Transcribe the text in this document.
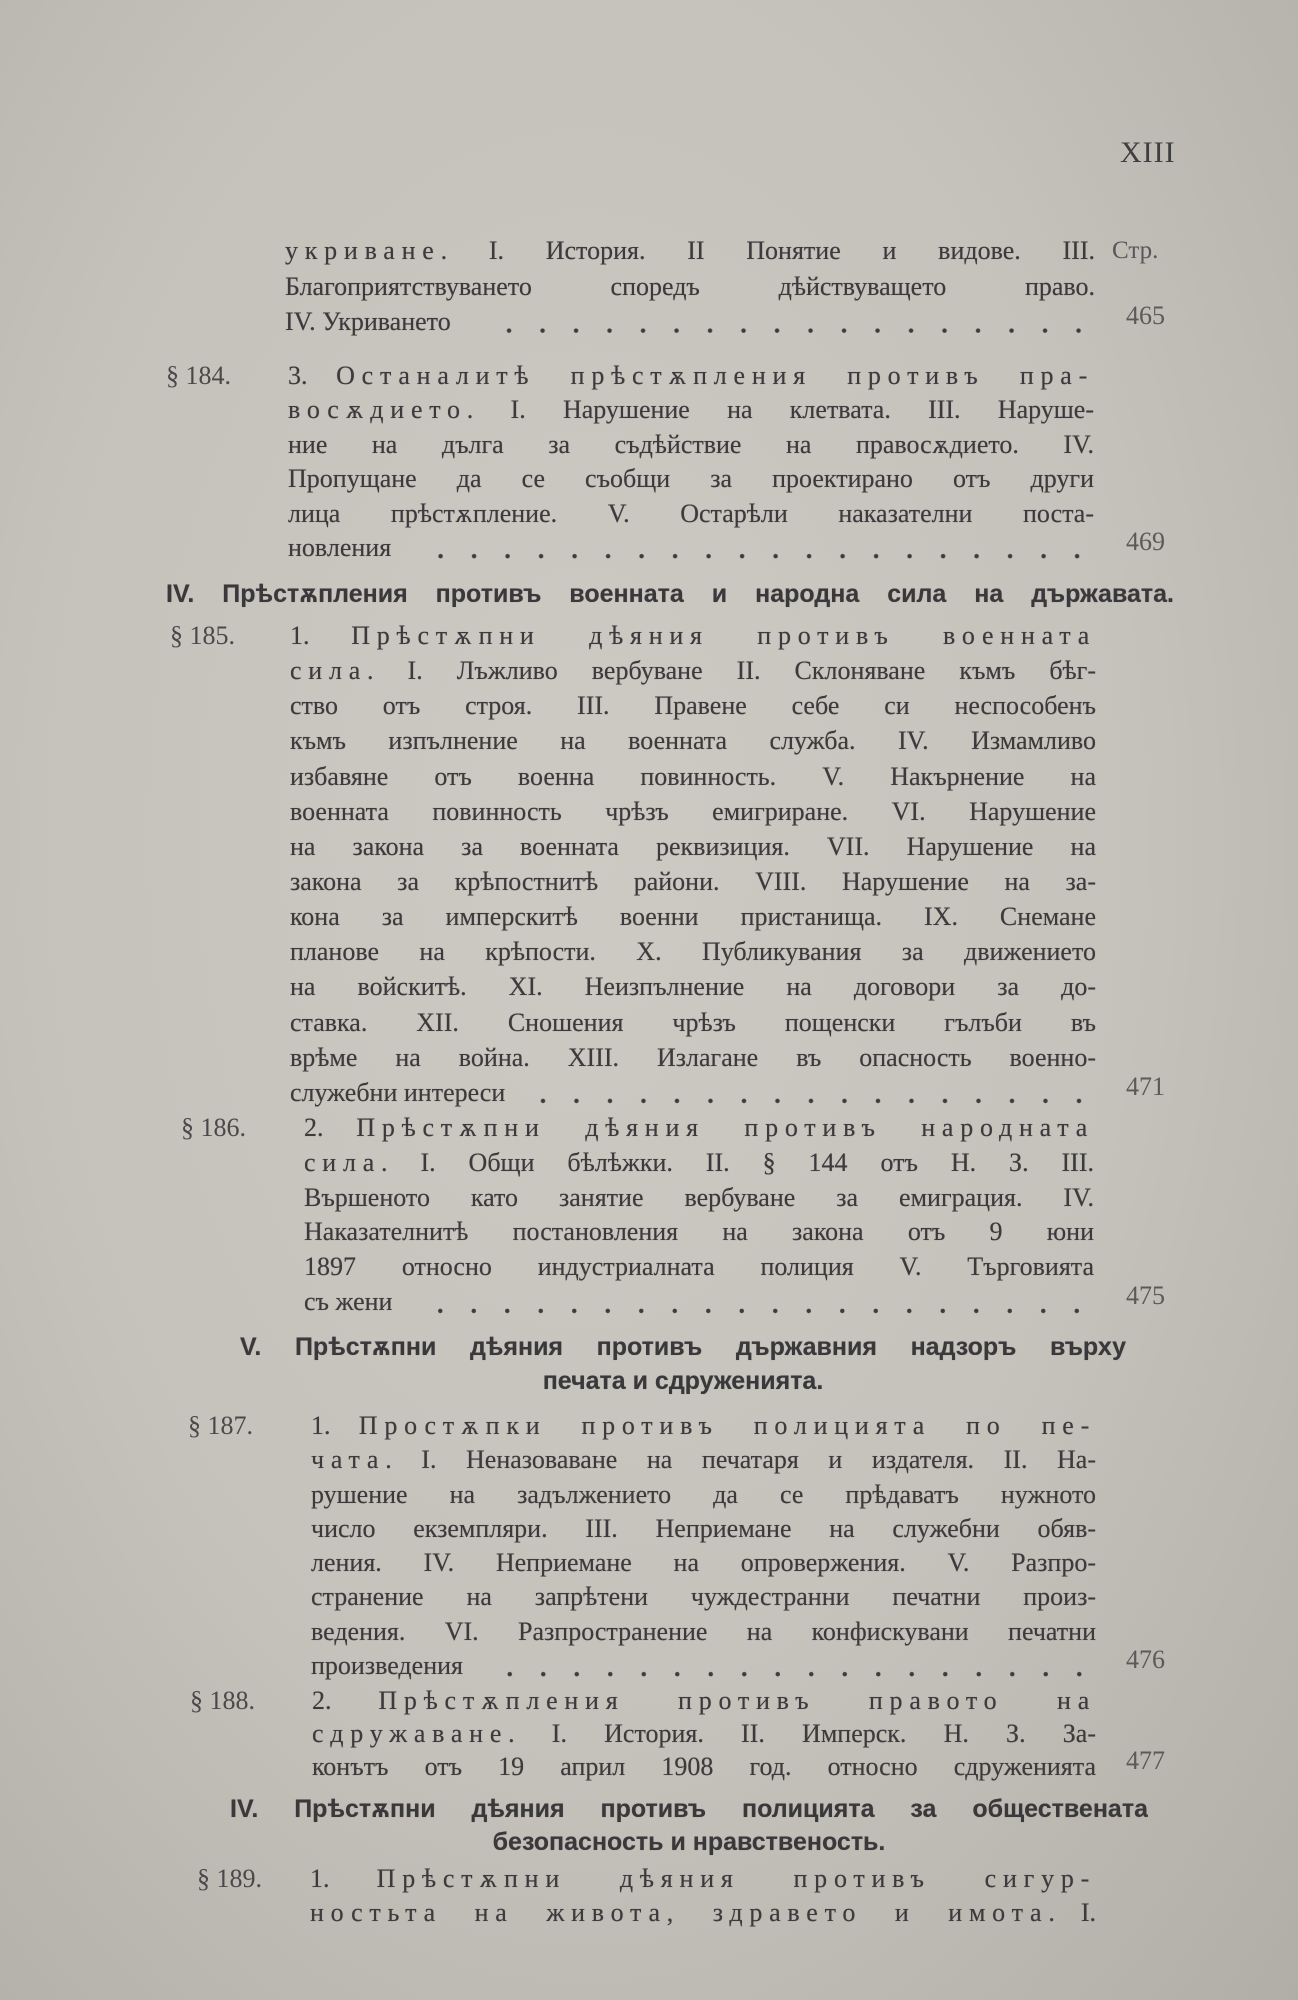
XIII
Стр.
укриване. I. История. II Понятие и видове. III.
Благоприятствуването споредъ дѣйствуващето право.
IV. Укриването	465
§ 184. 3. Останалитѣ прѣстѫпления противъ пра-
восѫдието. I. Нарушение на клетвата. III. Наруше-
ние на дълга за съдѣйствие на правосѫдието. IV.
Пропущане да се съобщи за проектирано отъ други
лица прѣстѫпление. V. Остарѣли наказателни поста-
новления	469
IV. Прѣстѫпления противъ военната и народна сила на държавата.
§ 185. 1. Прѣстѫпни дѣяния противъ военната
сила. I. Лъжливо вербуване II. Склоняване къмъ бѣг-
ство отъ строя. III. Правене себе си неспособенъ
къмъ изпълнение на военната служба. IV. Измамливо
избавяне отъ военна повинность. V. Накърнение на
военната повинность чрѣзъ емигриране. VI. Нарушение
на закона за военната реквизиция. VII. Нарушение на
закона за крѣпостнитѣ райони. VIII. Нарушение на за-
кона за имперскитѣ военни пристанища. IX. Снемане
планове на крѣпости. X. Публикувания за движението
на войскитѣ. XI. Неизпълнение на договори за до-
ставка. XII. Сношения чрѣзъ пощенски гълъби въ
врѣме на война. XIII. Излагане въ опасность военно-
служебни интереси	471
§ 186. 2. Прѣстѫпни дѣяния противъ народната
сила. I. Общи бѣлѣжки. II. § 144 отъ Н. З. III.
Вършеното като занятие вербуване за емиграция. IV.
Наказателнитѣ постановления на закона отъ 9 юни
1897 относно индустриалната полиция V. Търговията
съ жени	475
V. Прѣстѫпни дѣяния противъ държавния надзоръ върху
печата и сдруженията.
§ 187. 1. Простѫпки противъ полицията по пе-
чата. I. Неназоваване на печатаря и издателя. II. На-
рушение на задължението да се прѣдаватъ нужното
число екземпляри. III. Неприемане на служебни обяв-
ления. IV. Неприемане на опровержения. V. Разпро-
странение на запрѣтени чуждестранни печатни произ-
ведения. VI. Разпространение на конфискувани печатни
произведения	476
§ 188. 2. Прѣстѫпления противъ правото на
сдружаване. I. История. II. Имперск. Н. З. За-
конътъ отъ 19 април 1908 год. относно сдруженията 477
IV. Прѣстѫпни дѣяния противъ полицията за обществената
безопасность и нравственость.
§ 189. 1. Прѣстѫпни дѣяния противъ сигур-
ностьта на живота, здравето и имота. I.
